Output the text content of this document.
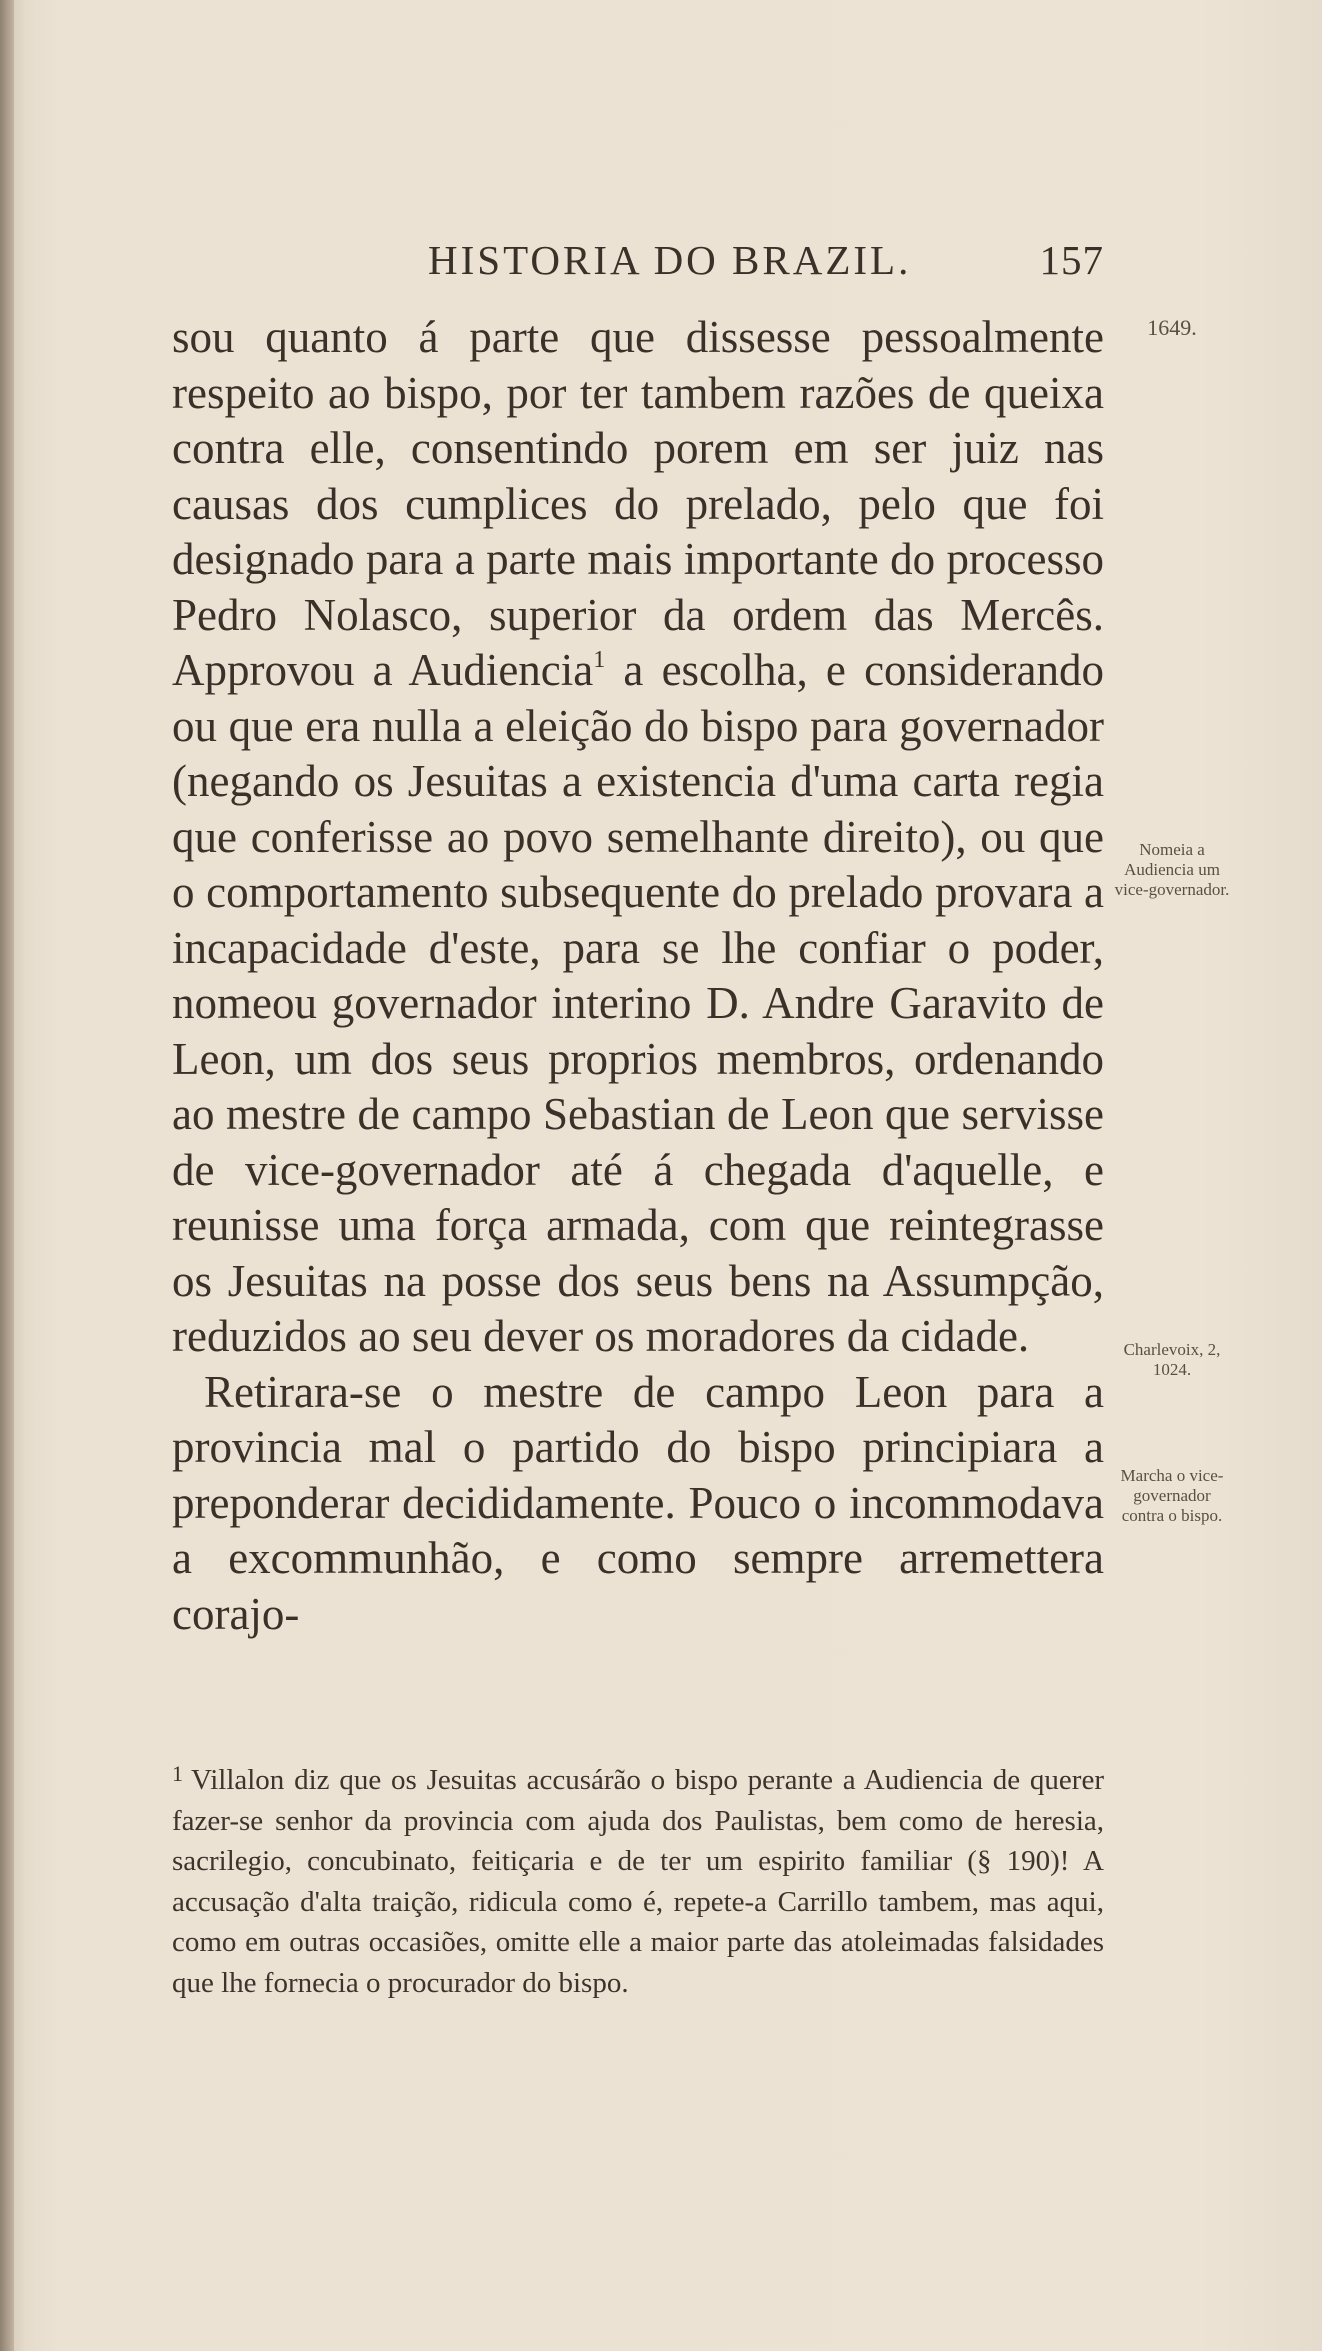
HISTORIA DO BRAZIL.	157

sou quanto á parte que dissesse pessoalmente respeito ao bispo, por ter tambem razões de queixa contra elle, consentindo porem em ser juiz nas causas dos cumplices do prelado, pelo que foi designado para a parte mais importante do processo Pedro Nolasco, superior da ordem das Mercês. Approvou a Audiencia$^1$ a escolha, e considerando ou que era nulla a eleição do bispo para governador (negando os Jesuitas a existencia d'uma carta regia que conferisse ao povo semelhante direito), ou que o comportamento subsequente do prelado provara a incapacidade d'este, para se lhe confiar o poder, nomeou governador interino D. Andre Garavito de Leon, um dos seus proprios membros, ordenando ao mestre de campo Sebastian de Leon que servisse de vice-governador até á chegada d'aquelle, e reunisse uma força armada, com que reintegrasse os Jesuitas na posse dos seus bens na Assumpção, reduzidos ao seu dever os moradores da cidade.

Retirara-se o mestre de campo Leon para a provincia mal o partido do bispo principiara a preponderar decididamente. Pouco o incommodava a excommunhão, e como sempre arremettera corajo-

1649.
Nomeia a Audiencia um vice-governador.
Charlevoix, 2, 1024.
Marcha o vice-governador contra o bispo.
$^1$ Villalon diz que os Jesuitas accusárão o bispo perante a Audiencia de querer fazer-se senhor da provincia com ajuda dos Paulistas, bem como de heresia, sacrilegio, concubinato, feitiçaria e de ter um espirito familiar (§ 190)! A accusação d'alta traição, ridicula como é, repete-a Carrillo tambem, mas aqui, como em outras occasiões, omitte elle a maior parte das atoleimadas falsidades que lhe fornecia o procurador do bispo.
